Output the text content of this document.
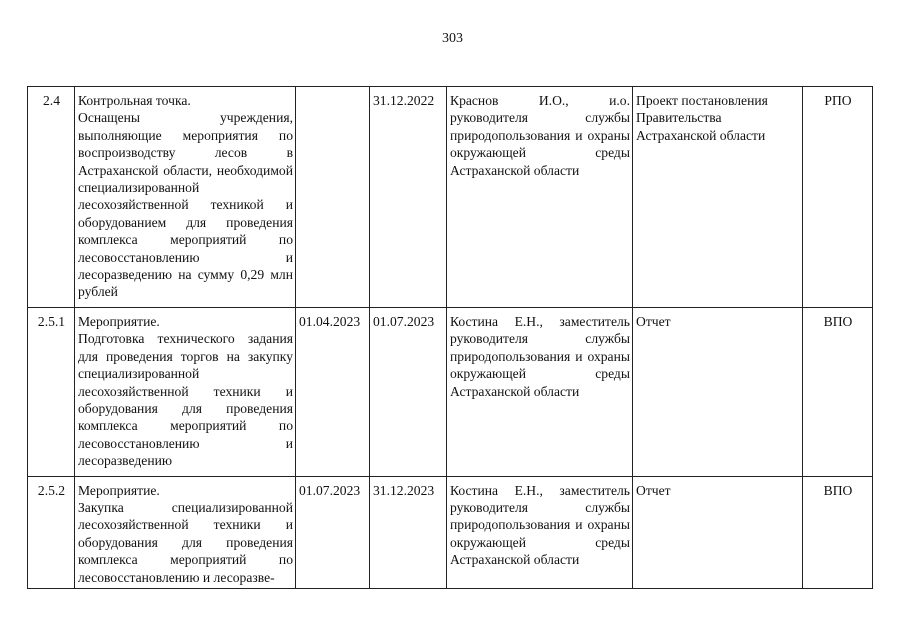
303
2.4	Контрольная точка.
Оснащены учреждения, выполняющие мероприятия по воспроизводству лесов в Астраханской области, необходимой специализированной лесохозяйственной техникой и оборудованием для проведения комплекса мероприятий по лесовосстановлению и лесоразведению на сумму 0,29 млн рублей		31.12.2022	Краснов И.О., и.о. руководителя службы природопользования и охраны окружающей среды Астраханской области	Проект постановления Правительства Астраханской области	РПО
2.5.1	Мероприятие.
Подготовка технического задания для проведения торгов на закупку специализированной лесохозяйственной техники и оборудования для проведения комплекса мероприятий по лесовосстановлению и лесоразведению	01.04.2023	01.07.2023	Костина Е.Н., заместитель руководителя службы природопользования и охраны окружающей среды Астраханской области	Отчет	ВПО
2.5.2	Мероприятие.
Закупка специализированной лесохозяйственной техники и оборудования для проведения комплекса мероприятий по лесовосстановлению и лесоразве-	01.07.2023	31.12.2023	Костина Е.Н., заместитель руководителя службы природопользования и охраны окружающей среды Астраханской области	Отчет	ВПО
